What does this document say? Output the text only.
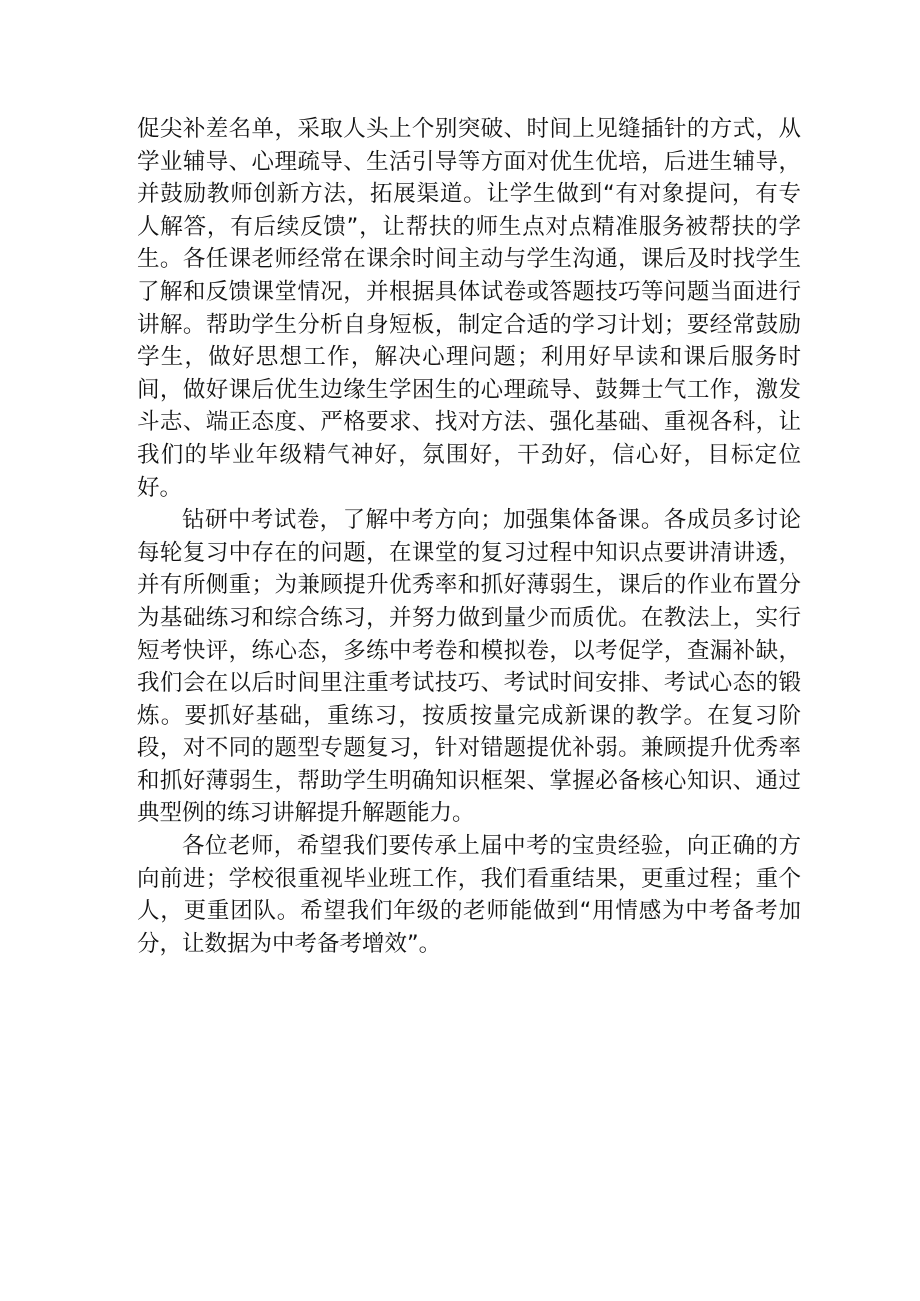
促尖补差名单，采取人头上个别突破、时间上见缝插针的方式，从学业辅导、心理疏导、生活引导等方面对优生优培，后进生辅导，并鼓励教师创新方法，拓展渠道。让学生做到“有对象提问，有专人解答，有后续反馈”，让帮扶的师生点对点精准服务被帮扶的学生。各任课老师经常在课余时间主动与学生沟通，课后及时找学生了解和反馈课堂情况，并根据具体试卷或答题技巧等问题当面进行讲解。帮助学生分析自身短板，制定合适的学习计划；要经常鼓励学生，做好思想工作，解决心理问题；利用好早读和课后服务时间，做好课后优生边缘生学困生的心理疏导、鼓舞士气工作，激发斗志、端正态度、严格要求、找对方法、强化基础、重视各科，让我们的毕业年级精气神好，氛围好，干劲好，信心好，目标定位好。

钻研中考试卷，了解中考方向；加强集体备课。各成员多讨论每轮复习中存在的问题，在课堂的复习过程中知识点要讲清讲透，并有所侧重；为兼顾提升优秀率和抓好薄弱生，课后的作业布置分为基础练习和综合练习，并努力做到量少而质优。在教法上，实行短考快评，练心态，多练中考卷和模拟卷，以考促学，查漏补缺，我们会在以后时间里注重考试技巧、考试时间安排、考试心态的锻炼。要抓好基础，重练习，按质按量完成新课的教学。在复习阶段，对不同的题型专题复习，针对错题提优补弱。兼顾提升优秀率和抓好薄弱生，帮助学生明确知识框架、掌握必备核心知识、通过典型例的练习讲解提升解题能力。

各位老师，希望我们要传承上届中考的宝贵经验，向正确的方向前进；学校很重视毕业班工作，我们看重结果，更重过程；重个人，更重团队。希望我们年级的老师能做到“用情感为中考备考加分，让数据为中考备考增效”。
